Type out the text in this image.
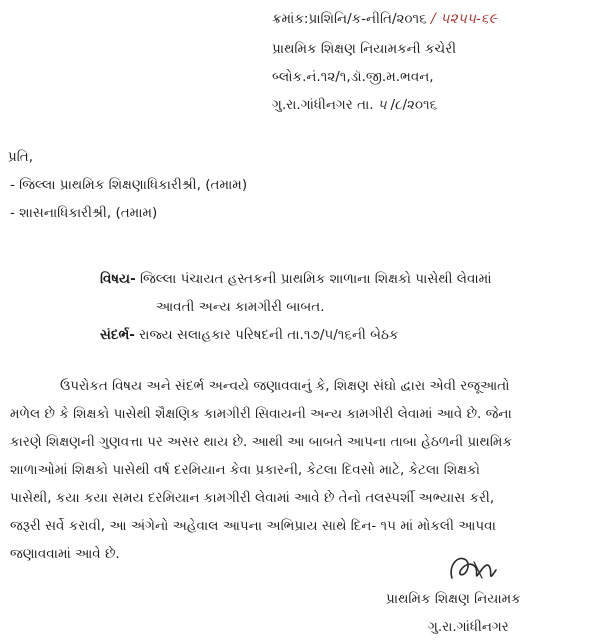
ક્રમાંક:પ્રાશિનિ/ક-નીતિ/૨૦૧૬ / ૫૨૫૫-૬૯
પ્રાથમિક શિક્ષણ નિયામકની કચેરી
બ્લોક.નં.૧૨/૧,ડૉ.જી.મ.ભવન,
ગુ.રા.ગાંધીનગર તા. ૫ /૮/૨૦૧૬
પ્રતિ,
- જિલ્લા પ્રાથમિક શિક્ષણાધિકારીશ્રી, (તમામ)
- શાસનાધિકારીશ્રી, (તમામ)
વિષય- જિલ્લા પંચાયત હસ્તકની પ્રાથમિક શાળાના શિક્ષકો પાસેથી લેવામાં
આવતી અન્ય કામગીરી બાબત.
સંદર્ભ- રાજ્ય સલાહકાર પરિષદની તા.૧૭/૫/૧૬ની બેઠક
ઉપરોકત વિષય અને સંદર્ભ અન્વયે જણાવવાનું કે, શિક્ષણ સંઘો દ્વારા એવી રજૂઆતો
મળેલ છે કે શિક્ષકો પાસેથી શૈક્ષણિક કામગીરી સિવાયની અન્ય કામગીરી લેવામાં આવે છે. જેના
કારણે શિક્ષણની ગુણવત્તા પર અસર થાય છે. આથી આ બાબતે આપના તાબા હેઠળની પ્રાથમિક
શાળાઓમાં શિક્ષકો પાસેથી વર્ષ દરમિયાન કેવા પ્રકારની, કેટલા દિવસો માટે, કેટલા શિક્ષકો
પાસેથી, કયા કયા સમય દરમિયાન કામગીરી લેવામાં આવે છે તેનો તલસ્પર્શી અભ્યાસ કરી,
જરૂરી સર્વે કરાવી, આ અંગેનો અહેવાલ આપના અભિપ્રાય સાથે દિન- ૧૫ માં મોકલી આપવા
જણાવવામાં આવે છે.
પ્રાથમિક શિક્ષણ નિયામક
ગુ.રા.ગાંધીનગર
